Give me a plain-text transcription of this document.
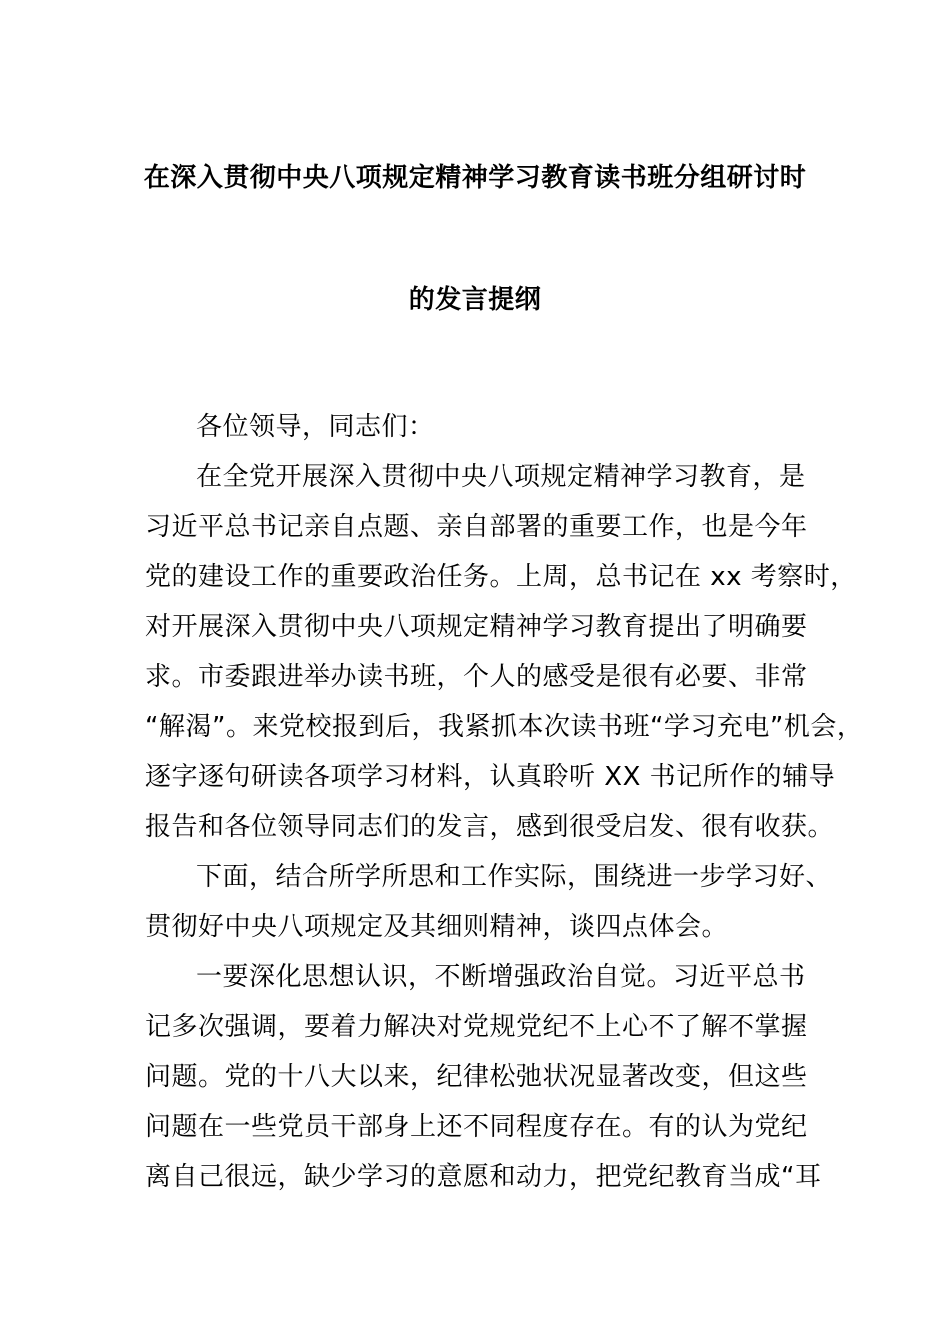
在深入贯彻中央八项规定精神学习教育读书班分组研讨时
的发言提纲
各位领导，同志们：
在全党开展深入贯彻中央八项规定精神学习教育，是
习近平总书记亲自点题、亲自部署的重要工作，也是今年
党的建设工作的重要政治任务。上周，总书记在 xx 考察时，
对开展深入贯彻中央八项规定精神学习教育提出了明确要
求。市委跟进举办读书班，个人的感受是很有必要、非常
“解渴”。来党校报到后，我紧抓本次读书班“学习充电”机会，
逐字逐句研读各项学习材料，认真聆听 XX 书记所作的辅导
报告和各位领导同志们的发言，感到很受启发、很有收获。
下面，结合所学所思和工作实际，围绕进一步学习好、
贯彻好中央八项规定及其细则精神，谈四点体会。
一要深化思想认识，不断增强政治自觉。习近平总书
记多次强调，要着力解决对党规党纪不上心不了解不掌握
问题。党的十八大以来，纪律松弛状况显著改变，但这些
问题在一些党员干部身上还不同程度存在。有的认为党纪
离自己很远，缺少学习的意愿和动力，把党纪教育当成“耳
